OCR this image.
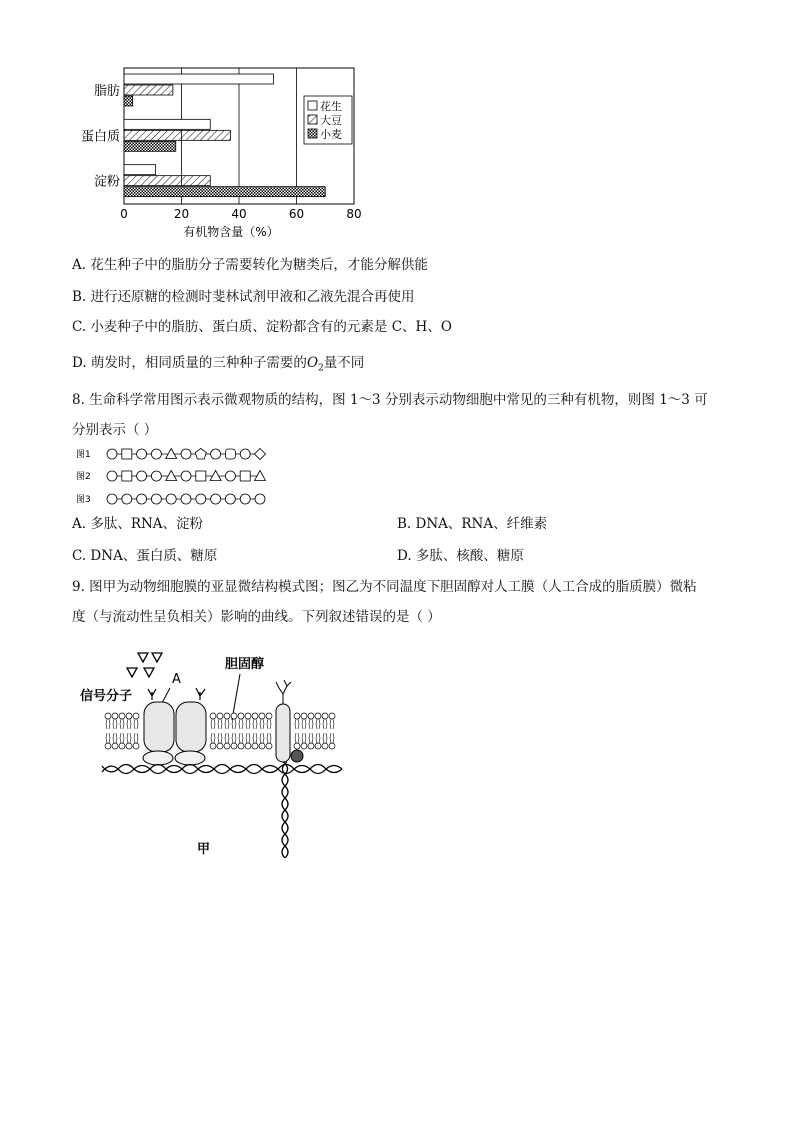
0	20	40	60	80
有机物含量（%）
脂肪
蛋白质
淀粉
花生
大豆
小麦
A. 花生种子中的脂肪分子需要转化为糖类后，才能分解供能
B. 进行还原糖的检测时斐林试剂甲液和乙液先混合再使用
C. 小麦种子中的脂肪、蛋白质、淀粉都含有的元素是 C、H、O
D. 萌发时，相同质量的三种种子需要的$O_2$量不同
8. 生命科学常用图示表示微观物质的结构，图 1～3 分别表示动物细胞中常见的三种有机物，则图 1～3 可
分别表示（ ）
图1
图2
图3
A. 多肽、RNA、淀粉	B. DNA、RNA、纤维素
C. DNA、蛋白质、糖原	D. 多肽、核酸、糖原
9. 图甲为动物细胞膜的亚显微结构模式图；图乙为不同温度下胆固醇对人工膜（人工合成的脂质膜）微粘
度（与流动性呈负相关）影响的曲线。下列叙述错误的是（ ）
信号分子
A
胆固醇
甲
